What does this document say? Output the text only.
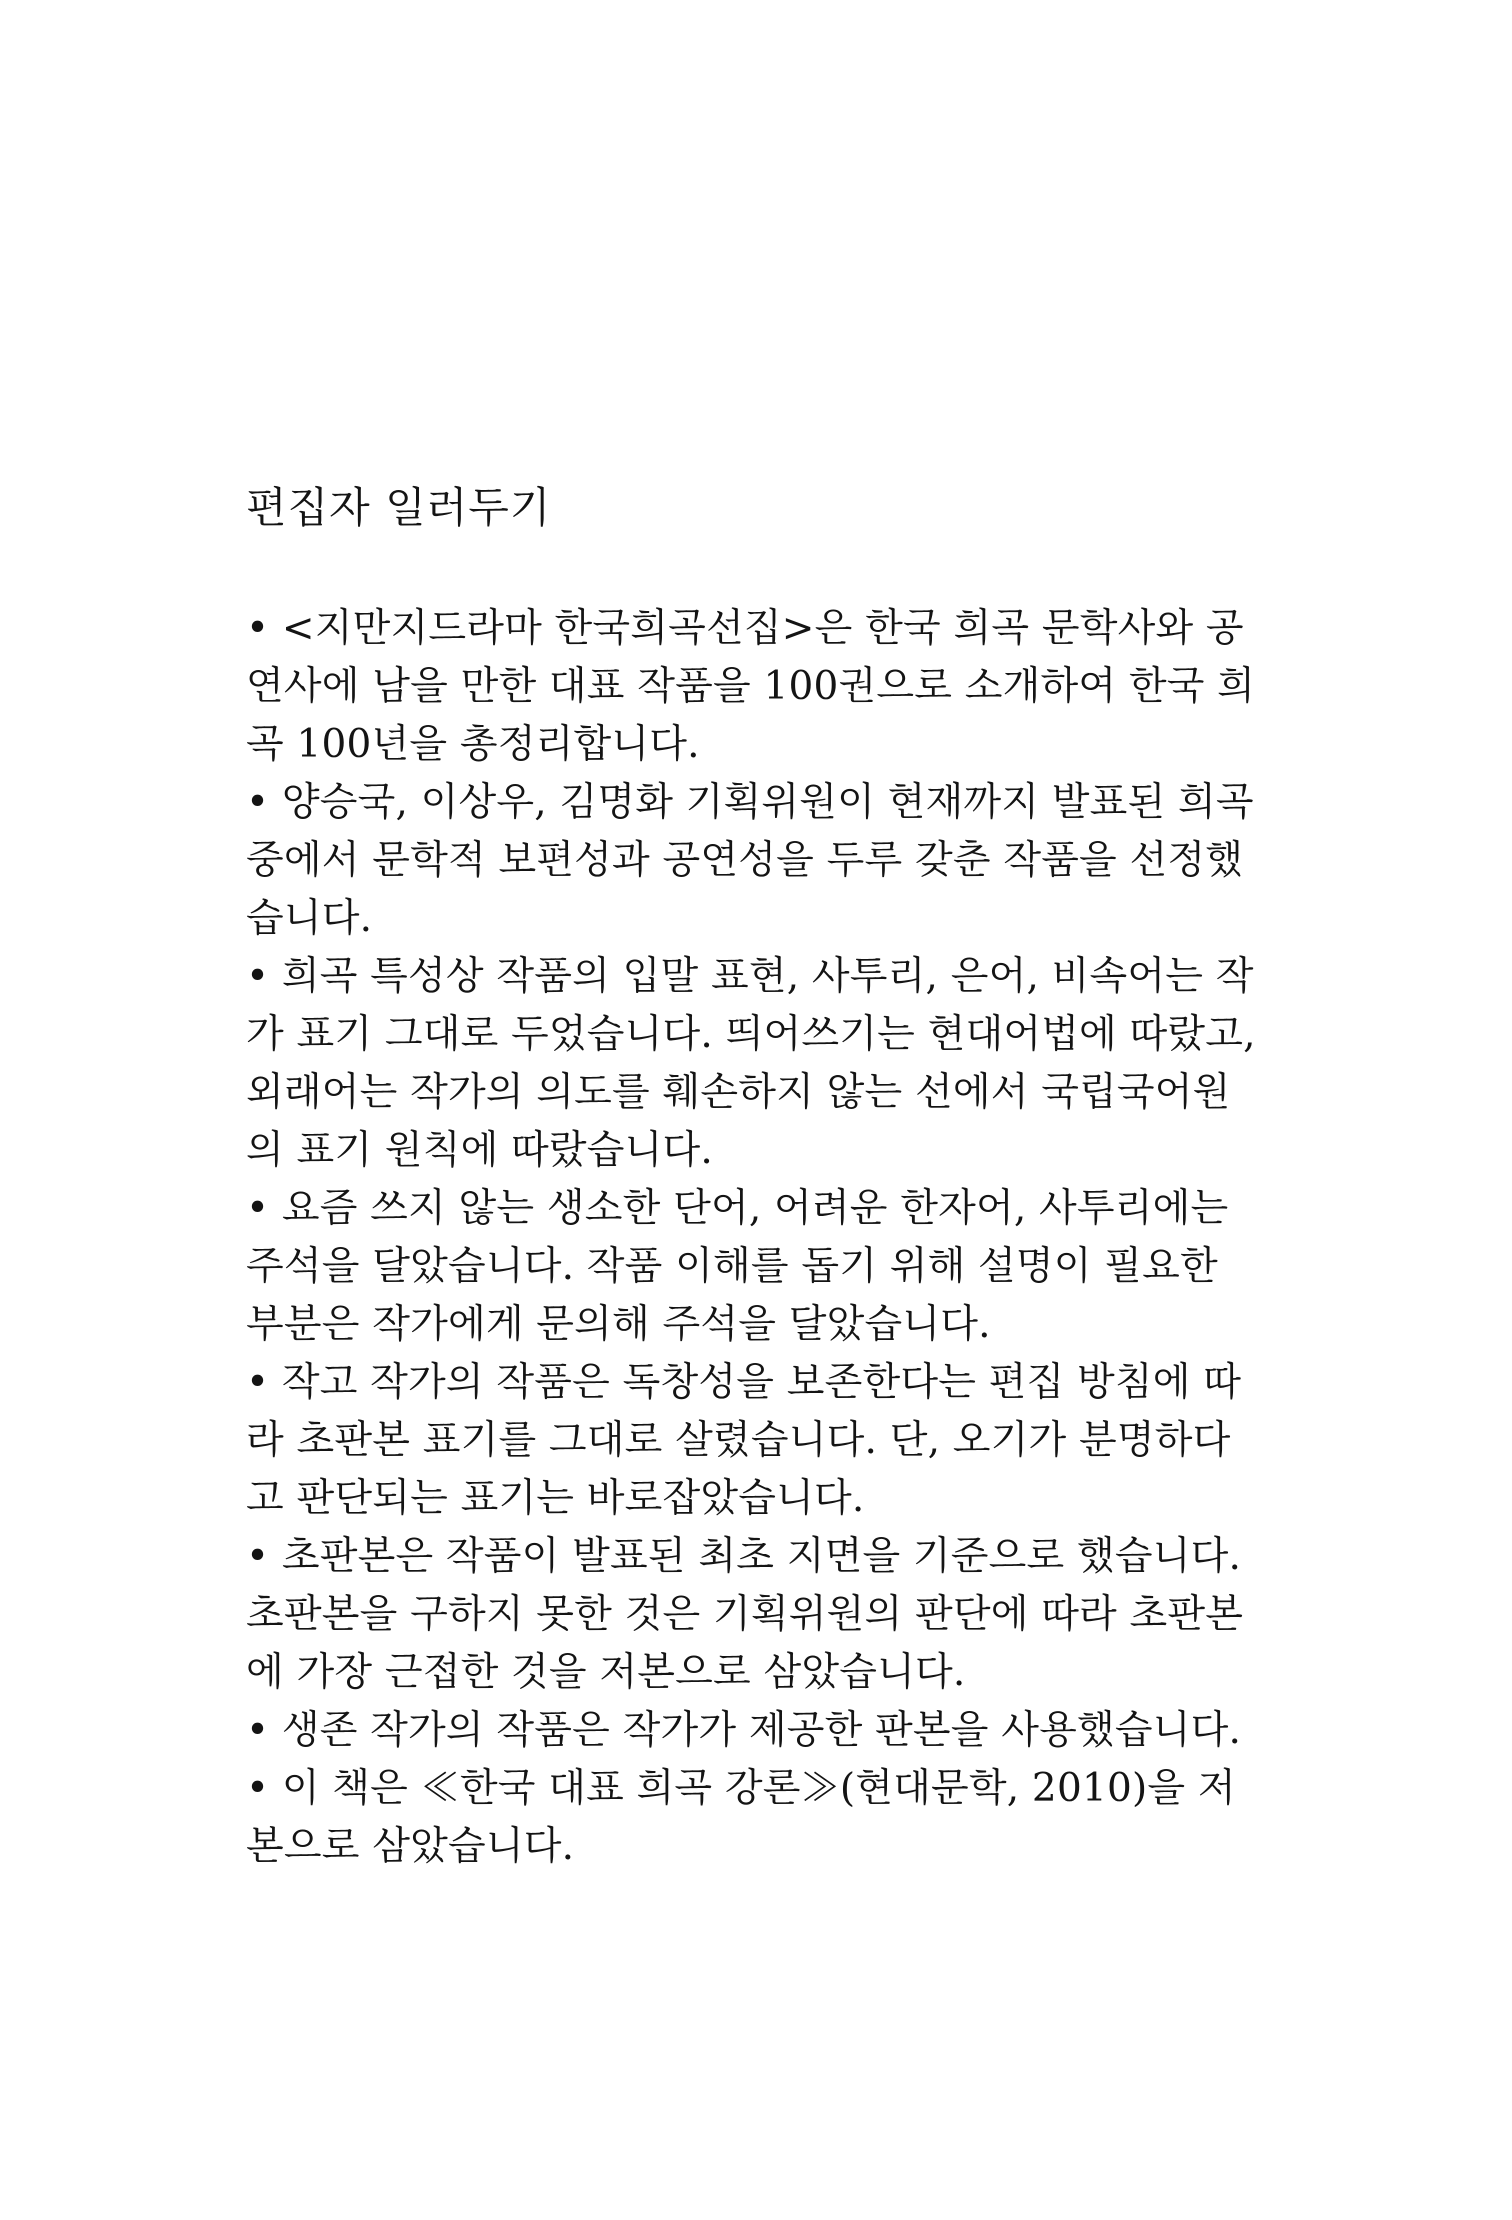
편집자 일러두기

• <지만지드라마 한국희곡선집>은 한국 희곡 문학사와 공연사에 남을 만한 대표 작품을 100권으로 소개하여 한국 희곡 100년을 총정리합니다.

• 양승국, 이상우, 김명화 기획위원이 현재까지 발표된 희곡 중에서 문학적 보편성과 공연성을 두루 갖춘 작품을 선정했습니다.

• 희곡 특성상 작품의 입말 표현, 사투리, 은어, 비속어는 작가 표기 그대로 두었습니다. 띄어쓰기는 현대어법에 따랐고, 외래어는 작가의 의도를 훼손하지 않는 선에서 국립국어원의 표기 원칙에 따랐습니다.

• 요즘 쓰지 않는 생소한 단어, 어려운 한자어, 사투리에는 주석을 달았습니다. 작품 이해를 돕기 위해 설명이 필요한 부분은 작가에게 문의해 주석을 달았습니다.

• 작고 작가의 작품은 독창성을 보존한다는 편집 방침에 따라 초판본 표기를 그대로 살렸습니다. 단, 오기가 분명하다고 판단되는 표기는 바로잡았습니다.

• 초판본은 작품이 발표된 최초 지면을 기준으로 했습니다. 초판본을 구하지 못한 것은 기획위원의 판단에 따라 초판본에 가장 근접한 것을 저본으로 삼았습니다.

• 생존 작가의 작품은 작가가 제공한 판본을 사용했습니다.

• 이 책은 ≪한국 대표 희곡 강론≫(현대문학, 2010)을 저본으로 삼았습니다.
